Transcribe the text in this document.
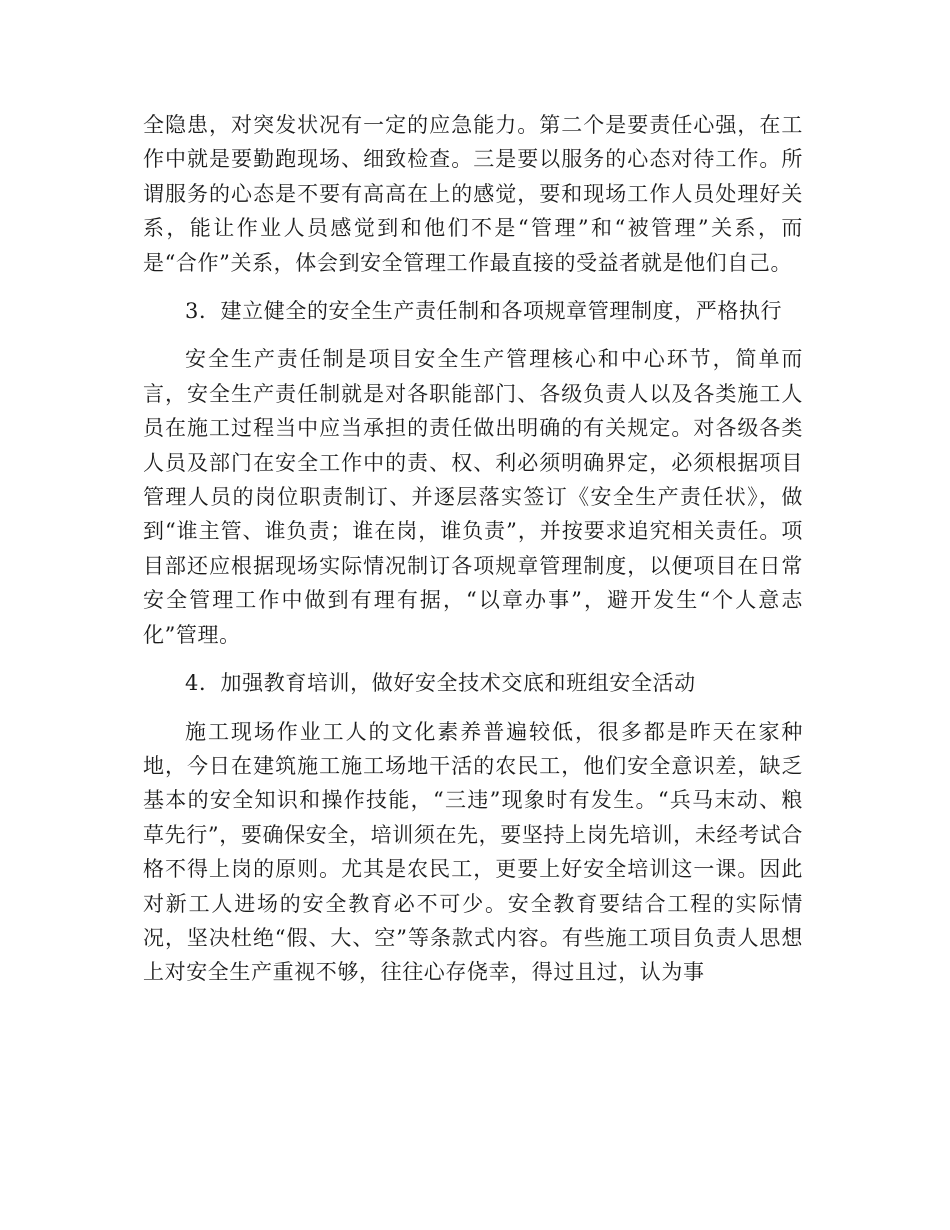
全隐患，对突发状况有一定的应急能力。第二个是要责任心强，在工作中就是要勤跑现场、细致检查。三是要以服务的心态对待工作。所谓服务的心态是不要有高高在上的感觉，要和现场工作人员处理好关系，能让作业人员感觉到和他们不是“管理”和“被管理”关系，而是“合作”关系，体会到安全管理工作最直接的受益者就是他们自己。

3．建立健全的安全生产责任制和各项规章管理制度，严格执行

安全生产责任制是项目安全生产管理核心和中心环节，简单而言，安全生产责任制就是对各职能部门、各级负责人以及各类施工人员在施工过程当中应当承担的责任做出明确的有关规定。对各级各类人员及部门在安全工作中的责、权、利必须明确界定，必须根据项目管理人员的岗位职责制订、并逐层落实签订《安全生产责任状》，做到“谁主管、谁负责；谁在岗，谁负责”，并按要求追究相关责任。项目部还应根据现场实际情况制订各项规章管理制度，以便项目在日常安全管理工作中做到有理有据，“以章办事”，避开发生“个人意志化”管理。

4．加强教育培训，做好安全技术交底和班组安全活动

施工现场作业工人的文化素养普遍较低，很多都是昨天在家种地，今日在建筑施工施工场地干活的农民工，他们安全意识差，缺乏基本的安全知识和操作技能，“三违”现象时有发生。“兵马末动、粮草先行”，要确保安全，培训须在先，要坚持上岗先培训，未经考试合格不得上岗的原则。尤其是农民工，更要上好安全培训这一课。因此对新工人进场的安全教育必不可少。安全教育要结合工程的实际情况，坚决杜绝“假、大、空”等条款式内容。有些施工项目负责人思想上对安全生产重视不够，往往心存侥幸，得过且过，认为事
